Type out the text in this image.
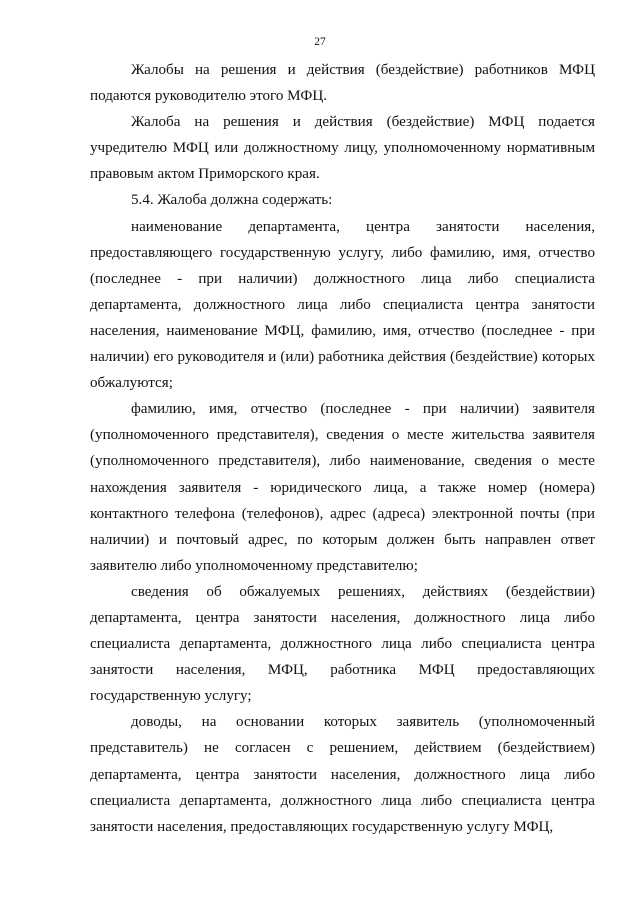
27

Жалобы на решения и действия (бездействие) работников МФЦ подаются руководителю этого МФЦ.

Жалоба на решения и действия (бездействие) МФЦ подается учредителю МФЦ или должностному лицу, уполномоченному нормативным правовым актом Приморского края.

5.4. Жалоба должна содержать:

наименование департамента, центра занятости населения, предоставляющего государственную услугу, либо фамилию, имя, отчество (последнее - при наличии) должностного лица либо специалиста департамента, должностного лица либо специалиста центра занятости населения, наименование МФЦ, фамилию, имя, отчество (последнее - при наличии) его руководителя и (или) работника действия (бездействие) которых обжалуются;

фамилию, имя, отчество (последнее - при наличии) заявителя (уполномоченного представителя), сведения о месте жительства заявителя (уполномоченного представителя), либо наименование, сведения о месте нахождения заявителя - юридического лица, а также номер (номера) контактного телефона (телефонов), адрес (адреса) электронной почты (при наличии) и почтовый адрес, по которым должен быть направлен ответ заявителю либо уполномоченному представителю;

сведения об обжалуемых решениях, действиях (бездействии) департамента, центра занятости населения, должностного лица либо специалиста департамента, должностного лица либо специалиста центра занятости населения, МФЦ, работника МФЦ предоставляющих государственную услугу;

доводы, на основании которых заявитель (уполномоченный представитель) не согласен с решением, действием (бездействием) департамента, центра занятости населения, должностного лица либо специалиста департамента, должностного лица либо специалиста центра занятости населения, предоставляющих государственную услугу МФЦ,
